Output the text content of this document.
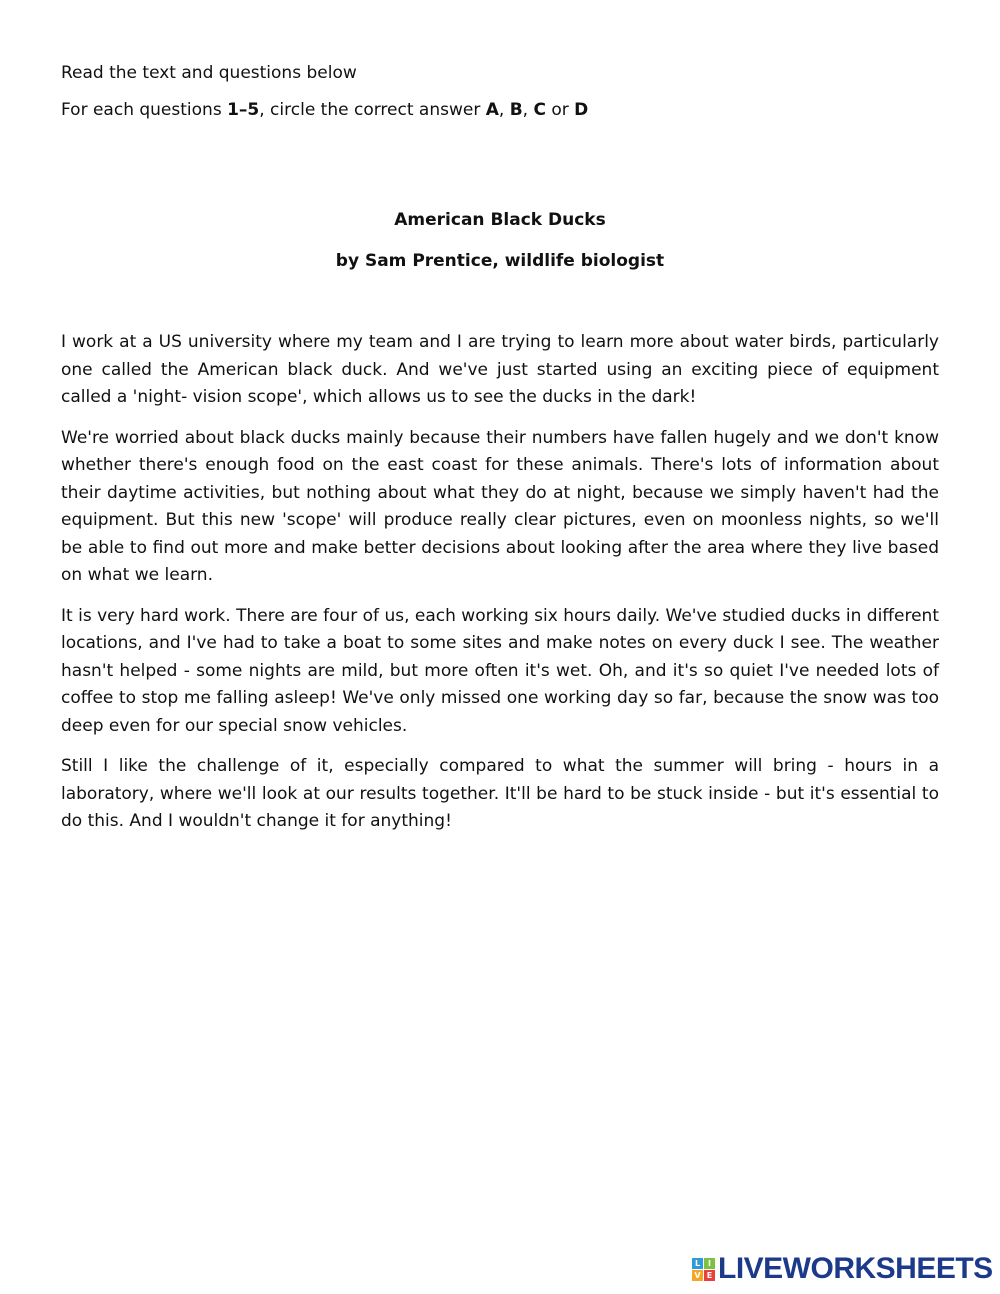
Read the text and questions below

For each questions 1–5, circle the correct answer A, B, C or D

American Black Ducks

by Sam Prentice, wildlife biologist

I work at a US university where my team and I are trying to learn more about water birds, particularly one called the American black duck. And we've just started using an exciting piece of equipment called a 'night- vision scope', which allows us to see the ducks in the dark!

We're worried about black ducks mainly because their numbers have fallen hugely and we don't know whether there's enough food on the east coast for these animals. There's lots of information about their daytime activities, but nothing about what they do at night, because we simply haven't had the equipment. But this new 'scope' will produce really clear pictures, even on moonless nights, so we'll be able to find out more and make better decisions about looking after the area where they live based on what we learn.

It is very hard work. There are four of us, each working six hours daily. We've studied ducks in different locations, and I've had to take a boat to some sites and make notes on every duck I see. The weather hasn't helped - some nights are mild, but more often it's wet. Oh, and it's so quiet I've needed lots of coffee to stop me falling asleep! We've only missed one working day so far, because the snow was too deep even for our special snow vehicles.

Still I like the challenge of it, especially compared to what the summer will bring - hours in a laboratory, where we'll look at our results together. It'll be hard to be stuck inside - but it's essential to do this. And I wouldn't change it for anything!

L I
V E LIVEWORKSHEETS
